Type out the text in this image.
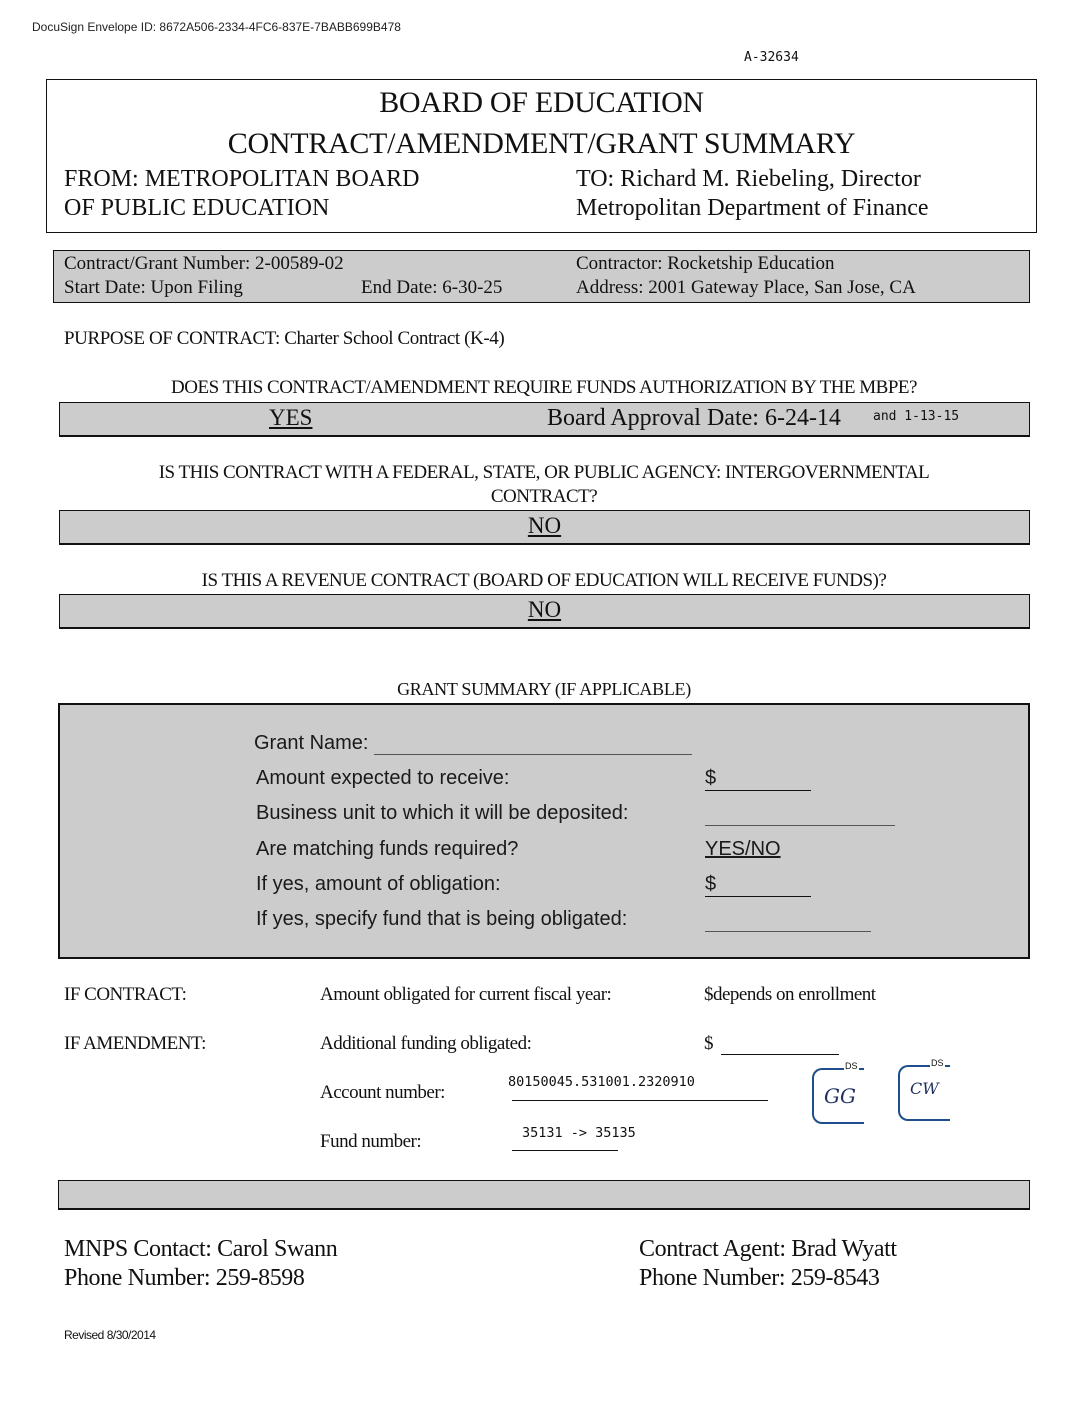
DocuSign Envelope ID: 8672A506-2334-4FC6-837E-7BABB699B478
A-32634
BOARD OF EDUCATION
CONTRACT/AMENDMENT/GRANT SUMMARY
FROM: METROPOLITAN BOARD
OF PUBLIC EDUCATION
TO: Richard M. Riebeling, Director
Metropolitan Department of Finance
Contract/Grant Number: 2-00589-02
Start Date: Upon Filing	End Date: 6-30-25
Contractor: Rocketship Education
Address: 2001 Gateway Place, San Jose, CA
PURPOSE OF CONTRACT: Charter School Contract (K-4)
DOES THIS CONTRACT/AMENDMENT REQUIRE FUNDS AUTHORIZATION BY THE MBPE?
YES	Board Approval Date: 6-24-14 and 1-13-15
IS THIS CONTRACT WITH A FEDERAL, STATE, OR PUBLIC AGENCY: INTERGOVERNMENTAL
CONTRACT?
NO
IS THIS A REVENUE CONTRACT (BOARD OF EDUCATION WILL RECEIVE FUNDS)?
NO
GRANT SUMMARY (IF APPLICABLE)
Grant Name:
Amount expected to receive:	$
Business unit to which it will be deposited:
Are matching funds required?	YES/NO
If yes, amount of obligation:	$
If yes, specify fund that is being obligated:
IF CONTRACT:	Amount obligated for current fiscal year:	$depends on enrollment
IF AMENDMENT:	Additional funding obligated:	$
Account number:	80150045.531001.2320910
Fund number:	35131 -> 35135
DS
GG
DS
CW
MNPS Contact: Carol Swann
Phone Number: 259-8598
Contract Agent: Brad Wyatt
Phone Number: 259-8543
Revised 8/30/2014
